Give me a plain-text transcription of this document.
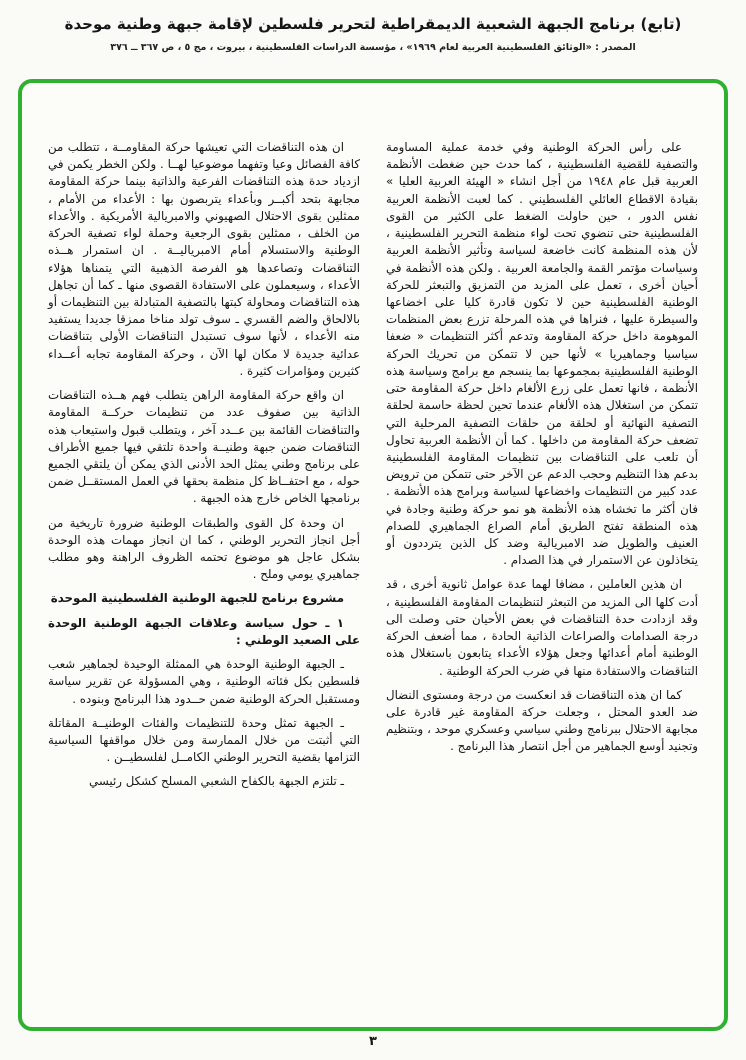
(تابع) برنامج الجبهة الشعبية الديمقراطية لتحرير فلسطين لإقامة جبهة وطنية موحدة
المصدر : «الوثائق الفلسطينية العربية لعام ١٩٦٩» ، مؤسسة الدراسات الفلسطينية ، بيروت ، مج ٥ ، ص ٣٦٧ ــ ٣٧٦

على رأس الحركة الوطنية وفي خدمة عملية المساومة والتصفية للقضية الفلسطينية ، كما حدث حين ضغطت الأنظمة العربية قبل عام ١٩٤٨ من أجل انشاء « الهيئة العربية العليا » بقيادة الاقطاع العائلي الفلسطيني . كما لعبت الأنظمة العربية نفس الدور ، حين حاولت الضغط على الكثير من القوى الفلسطينية حتى تنضوي تحت لواء منظمة التحرير الفلسطينية ، لأن هذه المنظمة كانت خاضعة لسياسة وتأثير الأنظمة العربية وسياسات مؤتمر القمة والجامعة العربية . ولكن هذه الأنظمة في أحيان أخرى ، تعمل على المزيد من التمزيق والتبعثر للحركة الوطنية الفلسطينية حين لا تكون قادرة كليا على اخضاعها والسيطرة عليها ، فنراها في هذه المرحلة تزرع بعض المنظمات الموهومة داخل حركة المقاومة وتدعم أكثر التنظيمات « ضعفا سياسيا وجماهيريا » لأنها حين لا تتمكن من تحريك الحركة الوطنية الفلسطينية بمجموعها بما ينسجم مع برامج وسياسة هذه الأنظمة ، فانها تعمل على زرع الألغام داخل حركة المقاومة حتى تتمكن من استغلال هذه الألغام عندما تحين لحظة حاسمة لحلقة التصفية النهائية أو لحلقة من حلقات التصفية المرحلية التي تضعف حركة المقاومة من داخلها . كما أن الأنظمة العربية تحاول أن تلعب على التناقضات بين تنظيمات المقاومة الفلسطينية بدعم هذا التنظيم وحجب الدعم عن الآخر حتى تتمكن من ترويض عدد كبير من التنظيمات واخضاعها لسياسة وبرامج هذه الأنظمة . فان أكثر ما تخشاه هذه الأنظمة هو نمو حركة وطنية وجادة في هذه المنطقة تفتح الطريق أمام الصراع الجماهيري للصدام العنيف والطويل ضد الامبريالية وضد كل الذين يترددون أو يتخاذلون عن الاستمرار في هذا الصدام .

ان هذين العاملين ، مضافا لهما عدة عوامل ثانوية أخرى ، قد أدت كلها الى المزيد من التبعثر لتنظيمات المقاومة الفلسطينية ، وقد ازدادت حدة التناقضات في بعض الأحيان حتى وصلت الى درجة الصدامات والصراعات الذاتية الحادة ، مما أضعف الحركة الوطنية أمام أعدائها وجعل هؤلاء الأعداء يتابعون باستغلال هذه التناقضات والاستفادة منها في ضرب الحركة الوطنية .

كما ان هذه التناقضات قد انعكست من درجة ومستوى النضال ضد العدو المحتل ، وجعلت حركة المقاومة غير قادرة على مجابهة الاحتلال ببرنامج وطني سياسي وعسكري موحد ، وبتنظيم وتجنيد أوسع الجماهير من أجل انتصار هذا البرنامج .

ان هذه التناقضات التي تعيشها حركة المقاومــة ، تتطلب من كافة الفصائل وعيا وتفهما موضوعيا لهــا . ولكن الخطر يكمن في ازدياد حدة هذه التناقضات الفرعية والذاتية بينما حركة المقاومة مجابهة بتحد أكبــر وبأعداء يتربصون بها : الأعداء من الأمام ، ممثلين بقوى الاحتلال الصهيوني والامبريالية الأمريكية . والأعداء من الخلف ، ممثلين بقوى الرجعية وحملة لواء تصفية الحركة الوطنية والاستسلام أمام الامبرياليــة . ان استمرار هــذه التناقضات وتصاعدها هو الفرصة الذهبية التي يتمناها هؤلاء الأعداء ، وسيعملون على الاستفادة القصوى منها ـ كما أن تجاهل هذه التناقضات ومحاولة كبتها بالتصفية المتبادلة بين التنظيمات أو بالالحاق والضم القسري ـ سوف تولد مناخا ممزقا جديدا يستفيد منه الأعداء ، لأنها سوف تستبدل التناقضات الأولى بتناقضات عدائية جديدة لا مكان لها الآن ، وحركة المقاومة تجابه أعــداء كثيرين ومؤامرات كثيرة .

ان واقع حركة المقاومة الراهن يتطلب فهم هــذه التناقضات الذاتية بين صفوف عدد من تنظيمات حركــة المقاومة والتناقضات القائمة بين عــدد آخر ، ويتطلب قبول واستيعاب هذه التناقضات ضمن جبهة وطنيــة واحدة تلتقي فيها جميع الأطراف على برنامج وطني يمثل الحد الأدنى الذي يمكن أن يلتقي الجميع حوله ، مع احتفــاظ كل منظمة بحقها في العمل المستقــل ضمن برنامجها الخاص خارج هذه الجبهة .

ان وحدة كل القوى والطبقات الوطنية ضرورة تاريخية من أجل انجاز التحرير الوطني ، كما ان انجاز مهمات هذه الوحدة بشكل عاجل هو موضوع تحتمه الظروف الراهنة وهو مطلب جماهيري يومي وملح .

مشروع برنامج للجبهة الوطنية الفلسطينية الموحدة

١ ـ حول سياسة وعلاقات الجبهة الوطنية الوحدة على الصعيد الوطني :

ـ الجبهة الوطنية الوحدة هي الممثلة الوحيدة لجماهير شعب فلسطين بكل فئاته الوطنية ، وهي المسؤولة عن تقرير سياسة ومستقبل الحركة الوطنية ضمن حــدود هذا البرنامج وبنوده .

ـ الجبهة تمثل وحدة للتنظيمات والفئات الوطنيــة المقاتلة التي أثبتت من خلال الممارسة ومن خلال مواقفها السياسية التزامها بقضية التحرير الوطني الكامــل لفلسطيــن .

ـ تلتزم الجبهة بالكفاح الشعبي المسلح كشكل رئيسي

٣
